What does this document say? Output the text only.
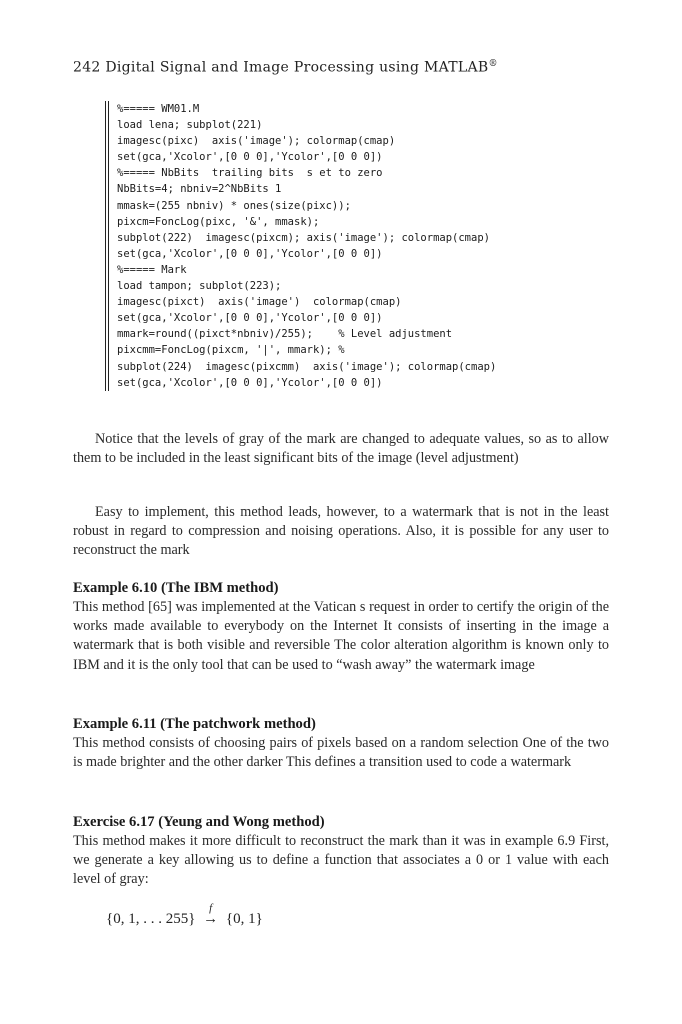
242 Digital Signal and Image Processing using MATLAB®
%===== WM01.M
load lena; subplot(221)
imagesc(pixc)  axis('image'); colormap(cmap)
set(gca,'Xcolor',[0 0 0],'Ycolor',[0 0 0])
%===== NbBits  trailing bits  s et to zero
NbBits=4; nbniv=2^NbBits 1
mmask=(255 nbniv) * ones(size(pixc));
pixcm=FoncLog(pixc, '&', mmask);
subplot(222)  imagesc(pixcm); axis('image'); colormap(cmap)
set(gca,'Xcolor',[0 0 0],'Ycolor',[0 0 0])
%===== Mark
load tampon; subplot(223);
imagesc(pixct)  axis('image')  colormap(cmap)
set(gca,'Xcolor',[0 0 0],'Ycolor',[0 0 0])
mmark=round((pixct*nbniv)/255);    % Level adjustment
pixcmm=FoncLog(pixcm, '|', mmark); %
subplot(224)  imagesc(pixcmm)  axis('image'); colormap(cmap)
set(gca,'Xcolor',[0 0 0],'Ycolor',[0 0 0])

Notice that the levels of gray of the mark are changed to adequate values, so as to allow them to be included in the least significant bits of the image (level adjustment)

Easy to implement, this method leads, however, to a watermark that is not in the least robust in regard to compression and noising operations. Also, it is possible for any user to reconstruct the mark

Example 6.10 (The IBM method)
This method [65] was implemented at the Vatican s request in order to certify the origin of the works made available to everybody on the Internet It consists of inserting in the image a watermark that is both visible and reversible The color alteration algorithm is known only to IBM and it is the only tool that can be used to “wash away” the watermark image
Example 6.11 (The patchwork method)
This method consists of choosing pairs of pixels based on a random selection One of the two is made brighter and the other darker This defines a transition used to code a watermark
Exercise 6.17 (Yeung and Wong method)
This method makes it more difficult to reconstruct the mark than it was in example 6.9 First, we generate a key allowing us to define a function that associates a 0 or 1 value with each level of gray:
{0, 1, . . . 255}
f
→ {0, 1}
